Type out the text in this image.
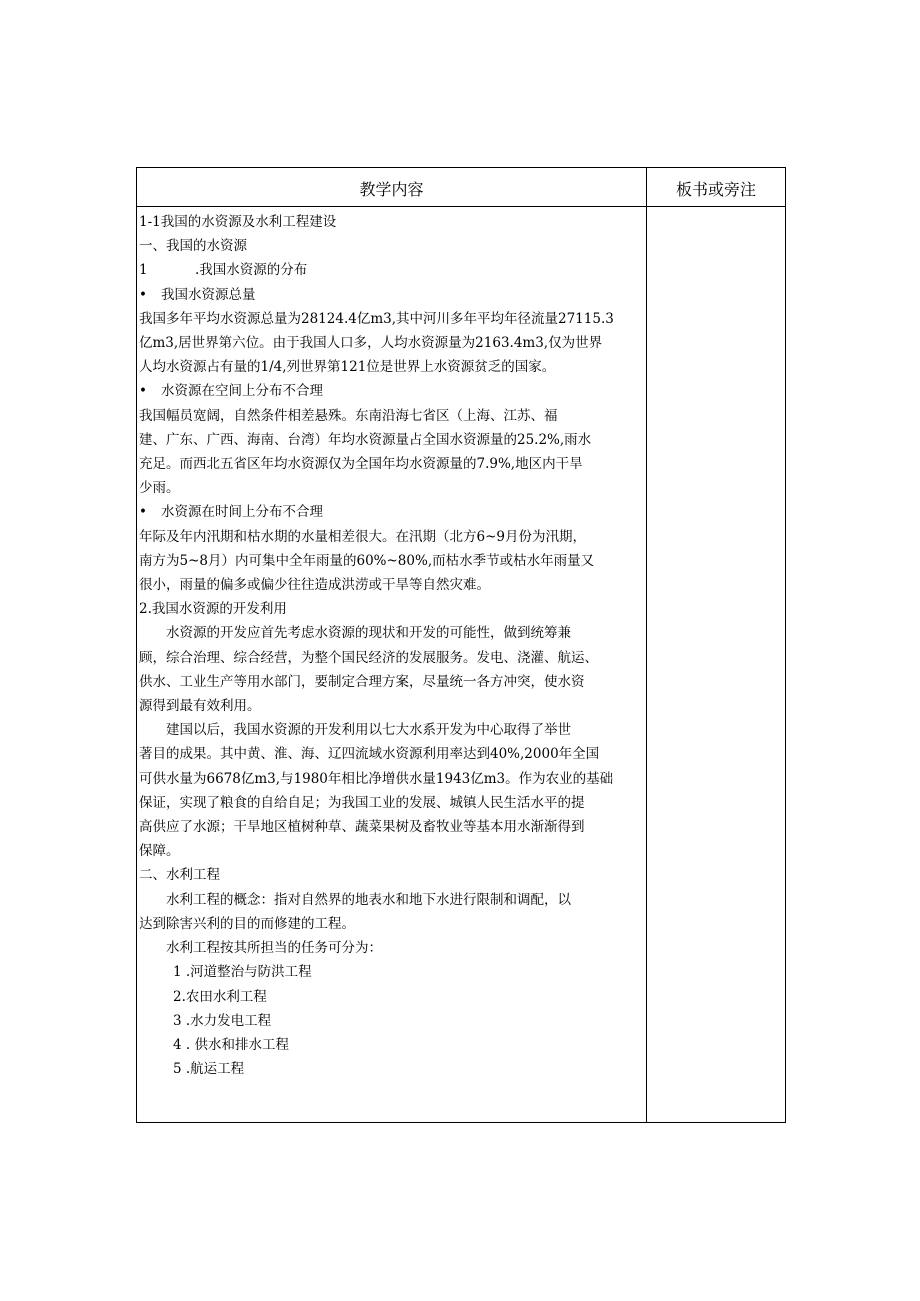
教学内容	板书或旁注

1-1我国的水资源及水利工程建设

一、我国的水资源

1	.我国水资源的分布

• 我国水资源总量

我国多年平均水资源总量为28124.4亿m3,其中河川多年平均年径流量27115.3

亿m3,居世界第六位。由于我国人口多，人均水资源量为2163.4m3,仅为世界

人均水资源占有量的1/4,列世界第121位是世界上水资源贫乏的国家。

• 水资源在空间上分布不合理

我国幅员宽阔，自然条件相差悬殊。东南沿海七省区（上海、江苏、福

建、广东、广西、海南、台湾）年均水资源量占全国水资源量的25.2%,雨水

充足。而西北五省区年均水资源仅为全国年均水资源量的7.9%,地区内干旱

少雨。

• 水资源在时间上分布不合理

年际及年内汛期和枯水期的水量相差很大。在汛期（北方6~9月份为汛期，

南方为5~8月）内可集中全年雨量的60%~80%,而枯水季节或枯水年雨量又

很小，雨量的偏多或偏少往往造成洪涝或干旱等自然灾难。

2.我国水资源的开发利用

水资源的开发应首先考虑水资源的现状和开发的可能性，做到统筹兼

顾，综合治理、综合经营，为整个国民经济的发展服务。发电、浇灌、航运、

供水、工业生产等用水部门，要制定合理方案，尽量统一各方冲突，使水资

源得到最有效利用。

建国以后，我国水资源的开发利用以七大水系开发为中心取得了举世

著目的成果。其中黄、淮、海、辽四流域水资源利用率达到40%,2000年全国

可供水量为6678亿m3,与1980年相比净增供水量1943亿m3。作为农业的基础

保证，实现了粮食的自给自足；为我国工业的发展、城镇人民生活水平的提

高供应了水源；干旱地区植树种草、蔬菜果树及畜牧业等基本用水渐渐得到

保障。

二、水利工程

水利工程的概念：指对自然界的地表水和地下水进行限制和调配，以

达到除害兴利的目的而修建的工程。

水利工程按其所担当的任务可分为：

1 .河道整治与防洪工程

2.农田水利工程

3 .水力发电工程

4 . 供水和排水工程

5 .航运工程
